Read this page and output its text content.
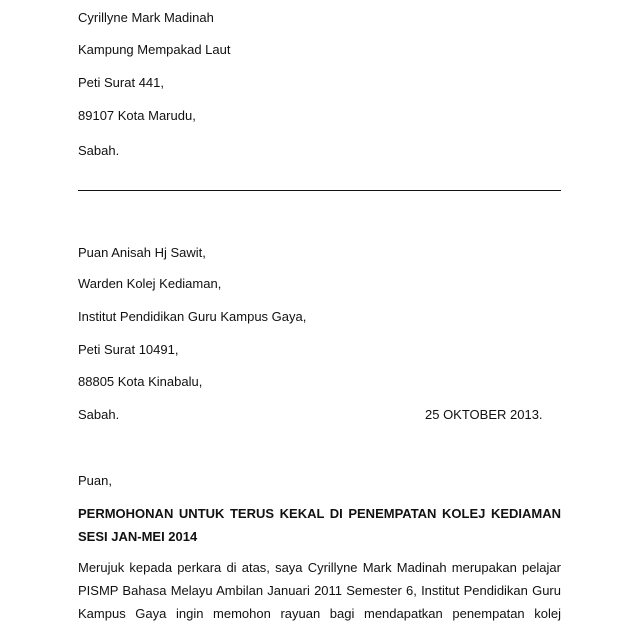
Cyrillyne Mark Madinah
Kampung Mempakad Laut
Peti Surat 441,
89107 Kota Marudu,
Sabah.
Puan Anisah Hj Sawit,
Warden Kolej Kediaman,
Institut Pendidikan Guru Kampus Gaya,
Peti Surat 10491,
88805 Kota Kinabalu,
Sabah.	25 OKTOBER 2013.
Puan,
PERMOHONAN UNTUK TERUS KEKAL DI PENEMPATAN KOLEJ KEDIAMAN
SESI JAN-MEI 2014
Merujuk kepada perkara di atas, saya Cyrillyne Mark Madinah merupakan pelajar
PISMP Bahasa Melayu Ambilan Januari 2011 Semester 6, Institut Pendidikan Guru
Kampus Gaya ingin memohon rayuan bagi mendapatkan penempatan kolej
